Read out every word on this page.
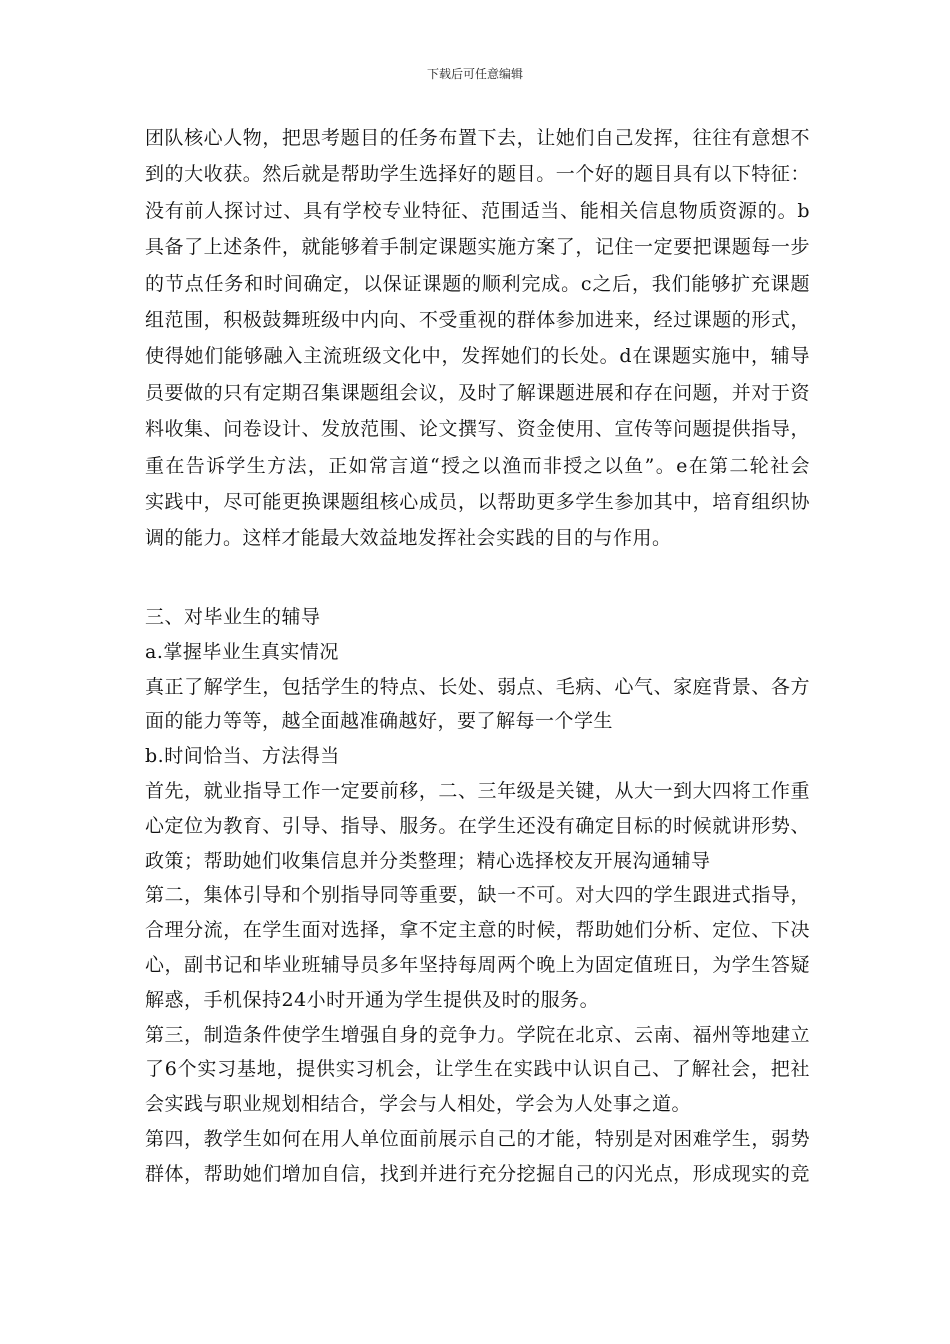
下载后可任意编辑
团队核心人物，把思考题目的任务布置下去，让她们自己发挥，往往有意想不
到的大收获。然后就是帮助学生选择好的题目。一个好的题目具有以下特征：
没有前人探讨过、具有学校专业特征、范围适当、能相关信息物质资源的。b
具备了上述条件，就能够着手制定课题实施方案了，记住一定要把课题每一步
的节点任务和时间确定，以保证课题的顺利完成。c之后，我们能够扩充课题
组范围，积极鼓舞班级中内向、不受重视的群体参加进来，经过课题的形式，
使得她们能够融入主流班级文化中，发挥她们的长处。d在课题实施中，辅导
员要做的只有定期召集课题组会议，及时了解课题进展和存在问题，并对于资
料收集、问卷设计、发放范围、论文撰写、资金使用、宣传等问题提供指导，
重在告诉学生方法，正如常言道“授之以渔而非授之以鱼”。e在第二轮社会
实践中，尽可能更换课题组核心成员，以帮助更多学生参加其中，培育组织协
调的能力。这样才能最大效益地发挥社会实践的目的与作用。
三、对毕业生的辅导
a.掌握毕业生真实情况
真正了解学生，包括学生的特点、长处、弱点、毛病、心气、家庭背景、各方
面的能力等等，越全面越准确越好，要了解每一个学生
b.时间恰当、方法得当
首先，就业指导工作一定要前移，二、三年级是关键，从大一到大四将工作重
心定位为教育、引导、指导、服务。在学生还没有确定目标的时候就讲形势、
政策；帮助她们收集信息并分类整理；精心选择校友开展沟通辅导
第二，集体引导和个别指导同等重要，缺一不可。对大四的学生跟进式指导，
合理分流，在学生面对选择，拿不定主意的时候，帮助她们分析、定位、下决
心，副书记和毕业班辅导员多年坚持每周两个晚上为固定值班日，为学生答疑
解惑，手机保持24小时开通为学生提供及时的服务。
第三，制造条件使学生增强自身的竞争力。学院在北京、云南、福州等地建立
了6个实习基地，提供实习机会，让学生在实践中认识自己、了解社会，把社
会实践与职业规划相结合，学会与人相处，学会为人处事之道。
第四，教学生如何在用人单位面前展示自己的才能，特别是对困难学生，弱势
群体，帮助她们增加自信，找到并进行充分挖掘自己的闪光点，形成现实的竞
